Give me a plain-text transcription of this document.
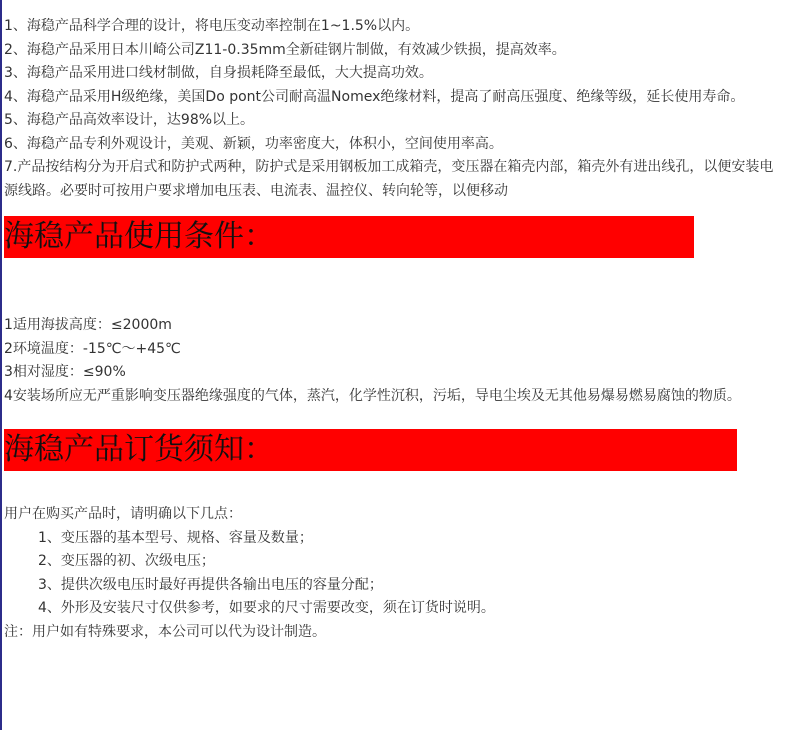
1、海稳产品科学合理的设计，将电压变动率控制在1~1.5%以内。
2、海稳产品采用日本川崎公司Z11-0.35mm全新硅钢片制做，有效减少铁损，提高效率。
3、海稳产品采用进口线材制做，自身损耗降至最低，大大提高功效。
4、海稳产品采用H级绝缘，美国Do pont公司耐高温Nomex绝缘材料，提高了耐高压强度、绝缘等级，延长使用寿命。
5、海稳产品高效率设计，达98%以上。
6、海稳产品专利外观设计，美观、新颖，功率密度大，体积小，空间使用率高。
7.产品按结构分为开启式和防护式两种，防护式是采用钢板加工成箱壳，变压器在箱壳内部，箱壳外有进出线孔，以便安装电源线路。必要时可按用户要求增加电压表、电流表、温控仪、转向轮等，以便移动
海稳产品使用条件：
1适用海拔高度：≤2000m
2环境温度：-15℃～+45℃
3相对湿度：≤90%
4安装场所应无严重影响变压器绝缘强度的气体，蒸汽，化学性沉积，污垢，导电尘埃及无其他易爆易燃易腐蚀的物质。
海稳产品订货须知：
用户在购买产品时，请明确以下几点：
1、变压器的基本型号、规格、容量及数量；
2、变压器的初、次级电压；
3、提供次级电压时最好再提供各输出电压的容量分配；
4、外形及安装尺寸仅供参考，如要求的尺寸需要改变，须在订货时说明。
注：用户如有特殊要求，本公司可以代为设计制造。
